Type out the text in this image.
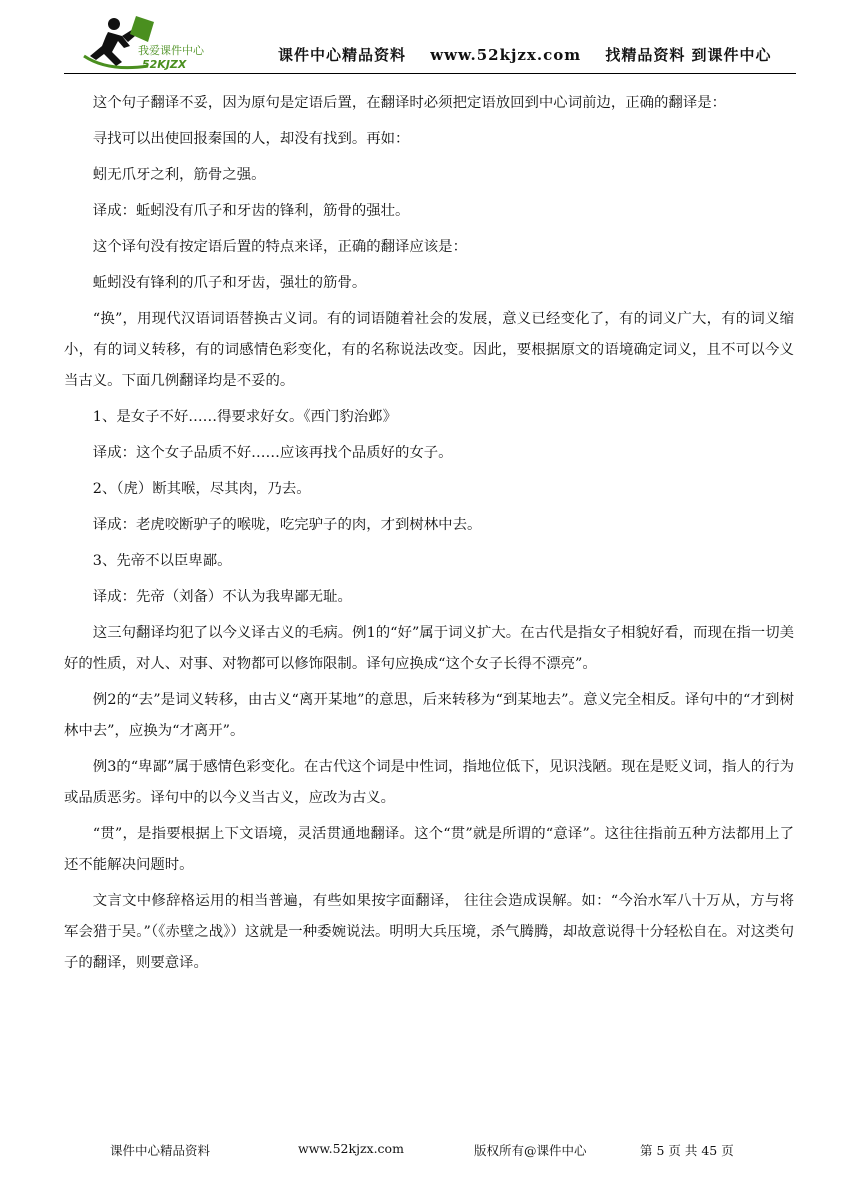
我爱课件中心
52KJZX
课件中心精品资料 www.52kjzx.com 找精品资料 到课件中心

这个句子翻译不妥，因为原句是定语后置，在翻译时必须把定语放回到中心词前边，正确的翻译是：

寻找可以出使回报秦国的人，却没有找到。再如：

蚓无爪牙之利，筋骨之强。

译成：蚯蚓没有爪子和牙齿的锋利，筋骨的强壮。

这个译句没有按定语后置的特点来译，正确的翻译应该是：

蚯蚓没有锋利的爪子和牙齿，强壮的筋骨。

“换”，用现代汉语词语替换古义词。有的词语随着社会的发展，意义已经变化了，有的词义广大，有的词义缩小，有的词义转移，有的词感情色彩变化，有的名称说法改变。因此，要根据原文的语境确定词义，且不可以今义当古义。下面几例翻译均是不妥的。

1、是女子不好……得要求好女。《西门豹治邺》

译成：这个女子品质不好……应该再找个品质好的女子。

2、（虎）断其喉，尽其肉，乃去。

译成：老虎咬断驴子的喉咙，吃完驴子的肉，才到树林中去。

3、先帝不以臣卑鄙。

译成：先帝（刘备）不认为我卑鄙无耻。

这三句翻译均犯了以今义译古义的毛病。例1的“好”属于词义扩大。在古代是指女子相貌好看，而现在指一切美好的性质，对人、对事、对物都可以修饰限制。译句应换成“这个女子长得不漂亮”。

例2的“去”是词义转移，由古义“离开某地”的意思，后来转移为“到某地去”。意义完全相反。译句中的“才到树林中去”，应换为“才离开”。

例3的“卑鄙”属于感情色彩变化。在古代这个词是中性词，指地位低下，见识浅陋。现在是贬义词，指人的行为或品质恶劣。译句中的以今义当古义，应改为古义。

“贯”，是指要根据上下文语境，灵活贯通地翻译。这个“贯”就是所谓的“意译”。这往往指前五种方法都用上了还不能解决问题时。

文言文中修辞格运用的相当普遍，有些如果按字面翻译， 往往会造成误解。如：“今治水军八十万从，方与将军会猎于吴。”（《赤壁之战》）这就是一种委婉说法。明明大兵压境，杀气腾腾，却故意说得十分轻松自在。对这类句子的翻译，则要意译。

课件中心精品资料	www.52kjzx.com	版权所有@课件中心	第 5 页 共 45 页
